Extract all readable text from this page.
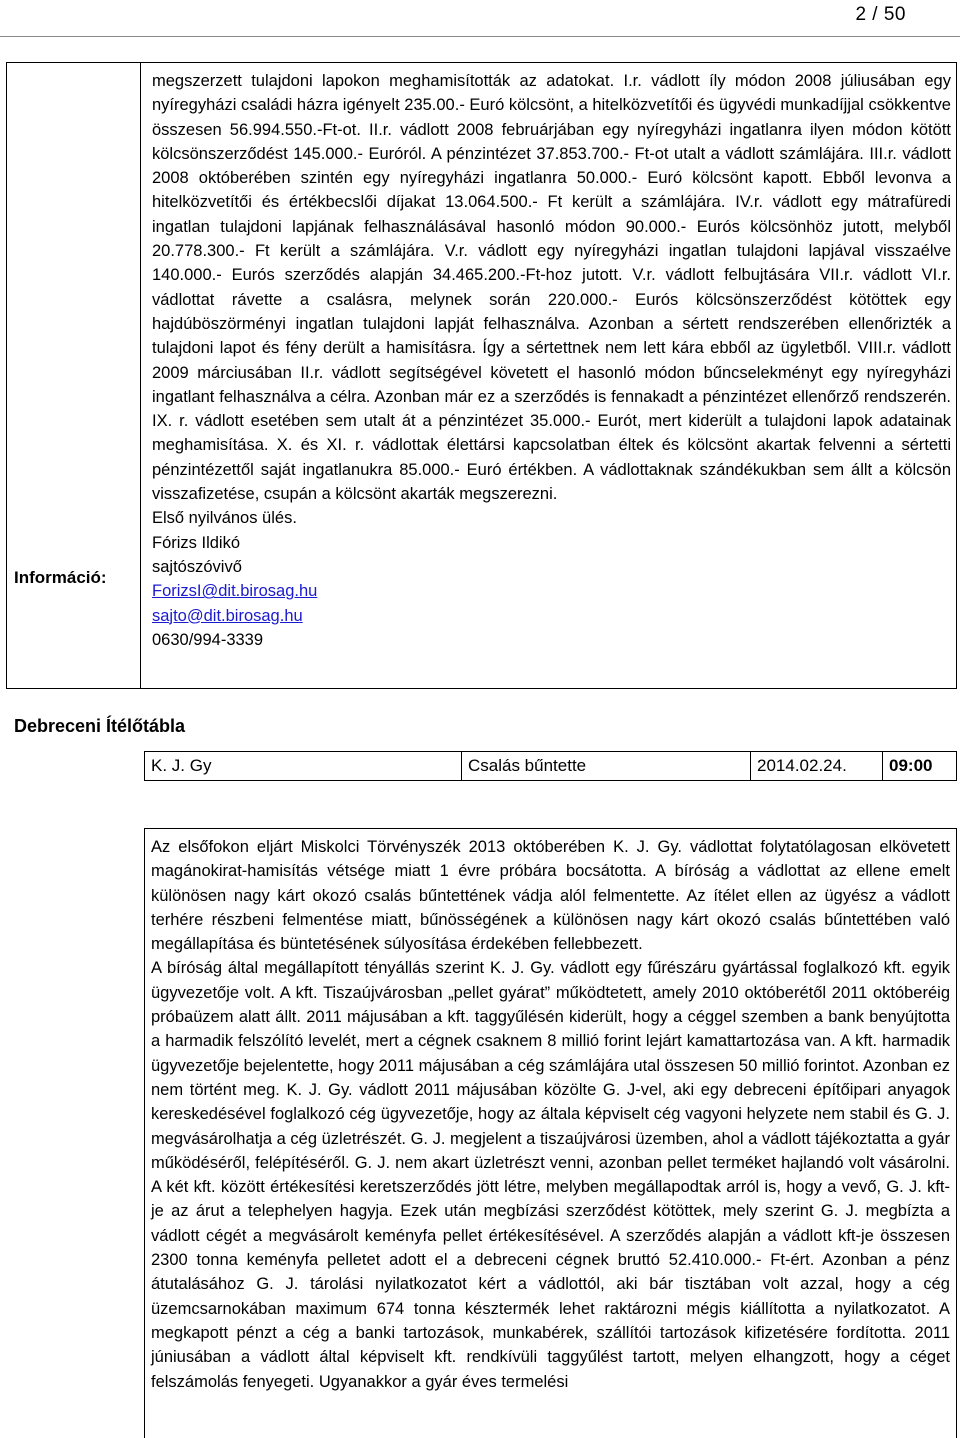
2 / 50
Információ:

megszerzett tulajdoni lapokon meghamisították az adatokat. I.r. vádlott íly módon 2008 júliusában egy nyíregyházi családi házra igényelt 235.00.- Euró kölcsönt, a hitelközvetítői és ügyvédi munkadíjjal csökkentve összesen 56.994.550.-Ft-ot. II.r. vádlott 2008 februárjában egy nyíregyházi ingatlanra ilyen módon kötött kölcsönszerződést 145.000.- Euróról. A pénzintézet 37.853.700.- Ft-ot utalt a vádlott számlájára. III.r. vádlott 2008 októberében szintén egy nyíregyházi ingatlanra 50.000.- Euró kölcsönt kapott. Ebből levonva a hitelközvetítői és értékbecslői díjakat 13.064.500.- Ft került a számlájára. IV.r. vádlott egy mátrafüredi ingatlan tulajdoni lapjának felhasználásával hasonló módon 90.000.- Eurós kölcsönhöz jutott, melyből 20.778.300.- Ft került a számlájára. V.r. vádlott egy nyíregyházi ingatlan tulajdoni lapjával visszaélve 140.000.- Eurós szerződés alapján 34.465.200.-Ft-hoz jutott. V.r. vádlott felbujtására VII.r. vádlott VI.r. vádlottat rávette a csalásra, melynek során 220.000.- Eurós kölcsönszerződést kötöttek egy hajdúböszörményi ingatlan tulajdoni lapját felhasználva. Azonban a sértett rendszerében ellenőrizték a tulajdoni lapot és fény derült a hamisításra. Így a sértettnek nem lett kára ebből az ügyletből. VIII.r. vádlott 2009 márciusában II.r. vádlott segítségével követett el hasonló módon bűncselekményt egy nyíregyházi ingatlant felhasználva a célra. Azonban már ez a szerződés is fennakadt a pénzintézet ellenőrző rendszerén. IX. r. vádlott esetében sem utalt át a pénzintézet 35.000.- Eurót, mert kiderült a tulajdoni lapok adatainak meghamisítása. X. és XI. r. vádlottak élettársi kapcsolatban éltek és kölcsönt akartak felvenni a sértetti pénzintézettől saját ingatlanukra 85.000.- Euró értékben. A vádlottaknak szándékukban sem állt a kölcsön visszafizetése, csupán a kölcsönt akarták megszerezni.

Első nyilvános ülés.

Fórizs Ildikó

sajtószóvivő

ForizsI@dit.birosag.hu

sajto@dit.birosag.hu

0630/994-3339

Debreceni Ítélőtábla
K. J. Gy	Csalás bűntette	2014.02.24.	09:00

Az elsőfokon eljárt Miskolci Törvényszék 2013 októberében K. J. Gy. vádlottat folytatólagosan elkövetett magánokirat-hamisítás vétsége miatt 1 évre próbára bocsátotta. A bíróság a vádlottat az ellene emelt különösen nagy kárt okozó csalás bűntettének vádja alól felmentette. Az ítélet ellen az ügyész a vádlott terhére részbeni felmentése miatt, bűnösségének a különösen nagy kárt okozó csalás bűntettében való megállapítása és büntetésének súlyosítása érdekében fellebbezett.

A bíróság által megállapított tényállás szerint K. J. Gy. vádlott egy fűrészáru gyártással foglalkozó kft. egyik ügyvezetője volt. A kft. Tiszaújvárosban „pellet gyárat” működtetett, amely 2010 októberétől 2011 októberéig próbaüzem alatt állt. 2011 májusában a kft. taggyűlésén kiderült, hogy a céggel szemben a bank benyújtotta a harmadik felszólító levelét, mert a cégnek csaknem 8 millió forint lejárt kamattartozása van. A kft. harmadik ügyvezetője bejelentette, hogy 2011 májusában a cég számlájára utal összesen 50 millió forintot. Azonban ez nem történt meg. K. J. Gy. vádlott 2011 májusában közölte G. J-vel, aki egy debreceni építőipari anyagok kereskedésével foglalkozó cég ügyvezetője, hogy az általa képviselt cég vagyoni helyzete nem stabil és G. J. megvásárolhatja a cég üzletrészét. G. J. megjelent a tiszaújvárosi üzemben, ahol a vádlott tájékoztatta a gyár működéséről, felépítéséről. G. J. nem akart üzletrészt venni, azonban pellet terméket hajlandó volt vásárolni. A két kft. között értékesítési keretszerződés jött létre, melyben megállapodtak arról is, hogy a vevő, G. J. kft-je az árut a telephelyen hagyja. Ezek után megbízási szerződést kötöttek, mely szerint G. J. megbízta a vádlott cégét a megvásárolt keményfa pellet értékesítésével. A szerződés alapján a vádlott kft-je összesen 2300 tonna keményfa pelletet adott el a debreceni cégnek bruttó 52.410.000.- Ft-ért. Azonban a pénz átutalásához G. J. tárolási nyilatkozatot kért a vádlottól, aki bár tisztában volt azzal, hogy a cég üzemcsarnokában maximum 674 tonna késztermék lehet raktározni mégis kiállította a nyilatkozatot. A megkapott pénzt a cég a banki tartozások, munkabérek, szállítói tartozások kifizetésére fordította. 2011 júniusában a vádlott által képviselt kft. rendkívüli taggyűlést tartott, melyen elhangzott, hogy a céget felszámolás fenyegeti. Ugyanakkor a gyár éves termelési
